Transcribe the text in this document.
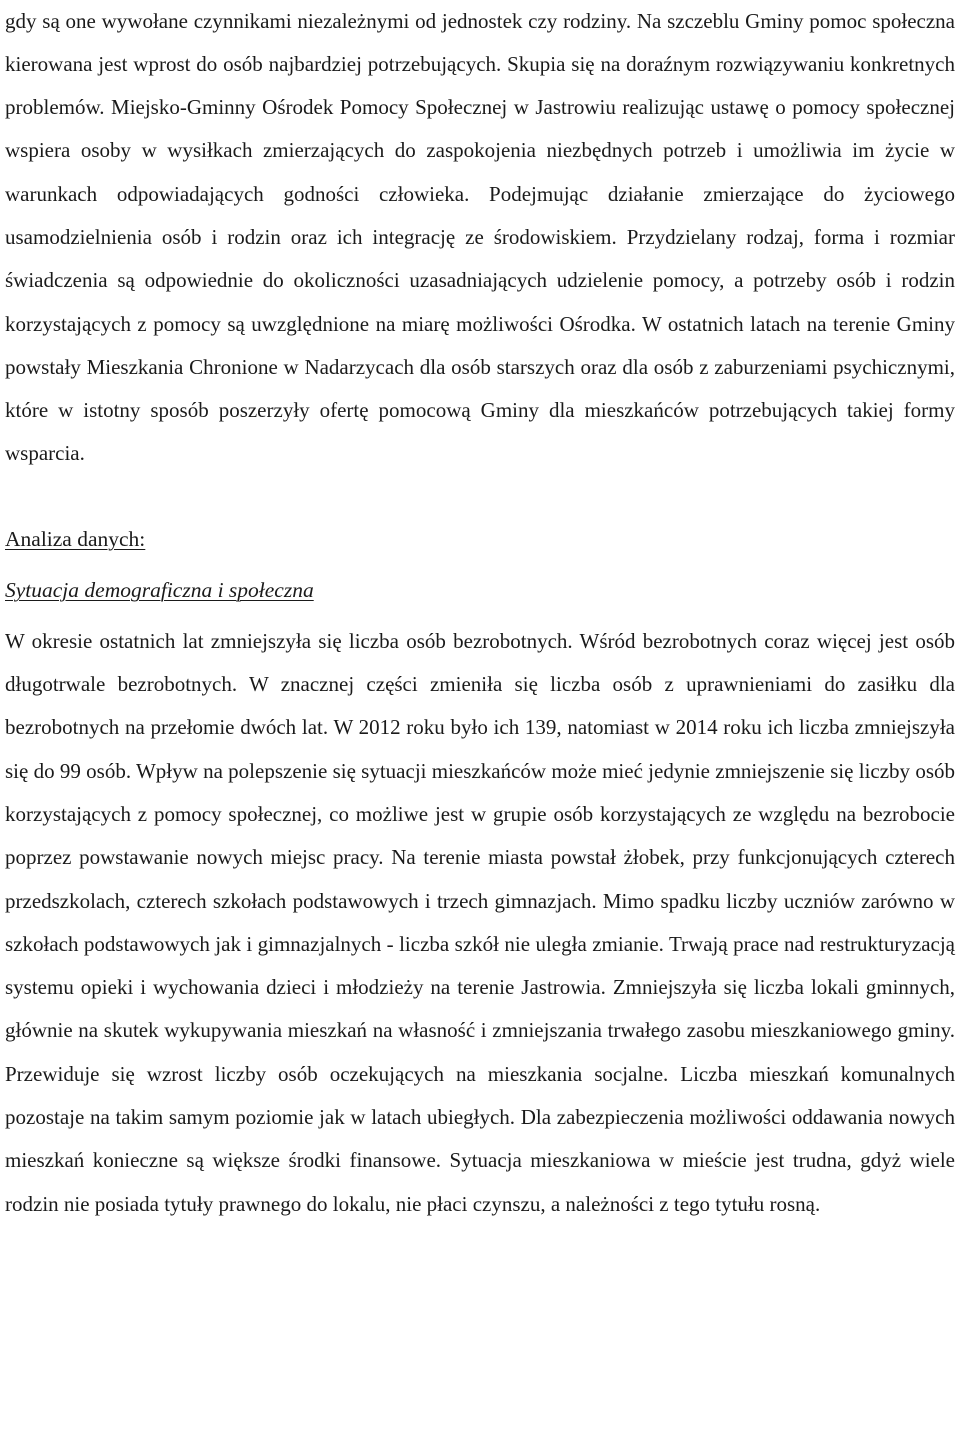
gdy są one wywołane czynnikami niezależnymi od jednostek czy rodziny. Na szczeblu Gminy pomoc społeczna kierowana jest wprost do osób najbardziej potrzebujących. Skupia się na doraźnym rozwiązywaniu konkretnych problemów. Miejsko-Gminny Ośrodek Pomocy Społecznej w Jastrowiu realizując ustawę o pomocy społecznej wspiera osoby w wysiłkach zmierzających do zaspokojenia niezbędnych potrzeb i umożliwia im życie w warunkach odpowiadających godności człowieka. Podejmując działanie zmierzające do życiowego usamodzielnienia osób i rodzin oraz ich integrację ze środowiskiem. Przydzielany rodzaj, forma i rozmiar świadczenia są odpowiednie do okoliczności uzasadniających udzielenie pomocy, a potrzeby osób i rodzin korzystających z pomocy są uwzględnione na miarę możliwości Ośrodka. W ostatnich latach na terenie Gminy powstały Mieszkania Chronione w Nadarzycach dla osób starszych oraz dla osób z zaburzeniami psychicznymi, które w istotny sposób poszerzyły ofertę pomocową Gminy dla mieszkańców potrzebujących takiej formy wsparcia.

Analiza danych:

Sytuacja demograficzna i społeczna

W okresie ostatnich lat zmniejszyła się liczba osób bezrobotnych. Wśród bezrobotnych coraz więcej jest osób długotrwale bezrobotnych. W znacznej części zmieniła się liczba osób z uprawnieniami do zasiłku dla bezrobotnych na przełomie dwóch lat. W 2012 roku było ich 139, natomiast w 2014 roku ich liczba zmniejszyła się do 99 osób. Wpływ na polepszenie się sytuacji mieszkańców może mieć jedynie zmniejszenie się liczby osób korzystających z pomocy społecznej, co możliwe jest w grupie osób korzystających ze względu na bezrobocie poprzez powstawanie nowych miejsc pracy. Na terenie miasta powstał żłobek, przy funkcjonujących czterech przedszkolach, czterech szkołach podstawowych i trzech gimnazjach. Mimo spadku liczby uczniów zarówno w szkołach podstawowych jak i gimnazjalnych - liczba szkół nie uległa zmianie. Trwają prace nad restrukturyzacją systemu opieki i wychowania dzieci i młodzieży na terenie Jastrowia. Zmniejszyła się liczba lokali gminnych, głównie na skutek wykupywania mieszkań na własność i zmniejszania trwałego zasobu mieszkaniowego gminy. Przewiduje się wzrost liczby osób oczekujących na mieszkania socjalne. Liczba mieszkań komunalnych pozostaje na takim samym poziomie jak w latach ubiegłych. Dla zabezpieczenia możliwości oddawania nowych mieszkań konieczne są większe środki finansowe. Sytuacja mieszkaniowa w mieście jest trudna, gdyż wiele rodzin nie posiada tytuły prawnego do lokalu, nie płaci czynszu, a należności z tego tytułu rosną.
